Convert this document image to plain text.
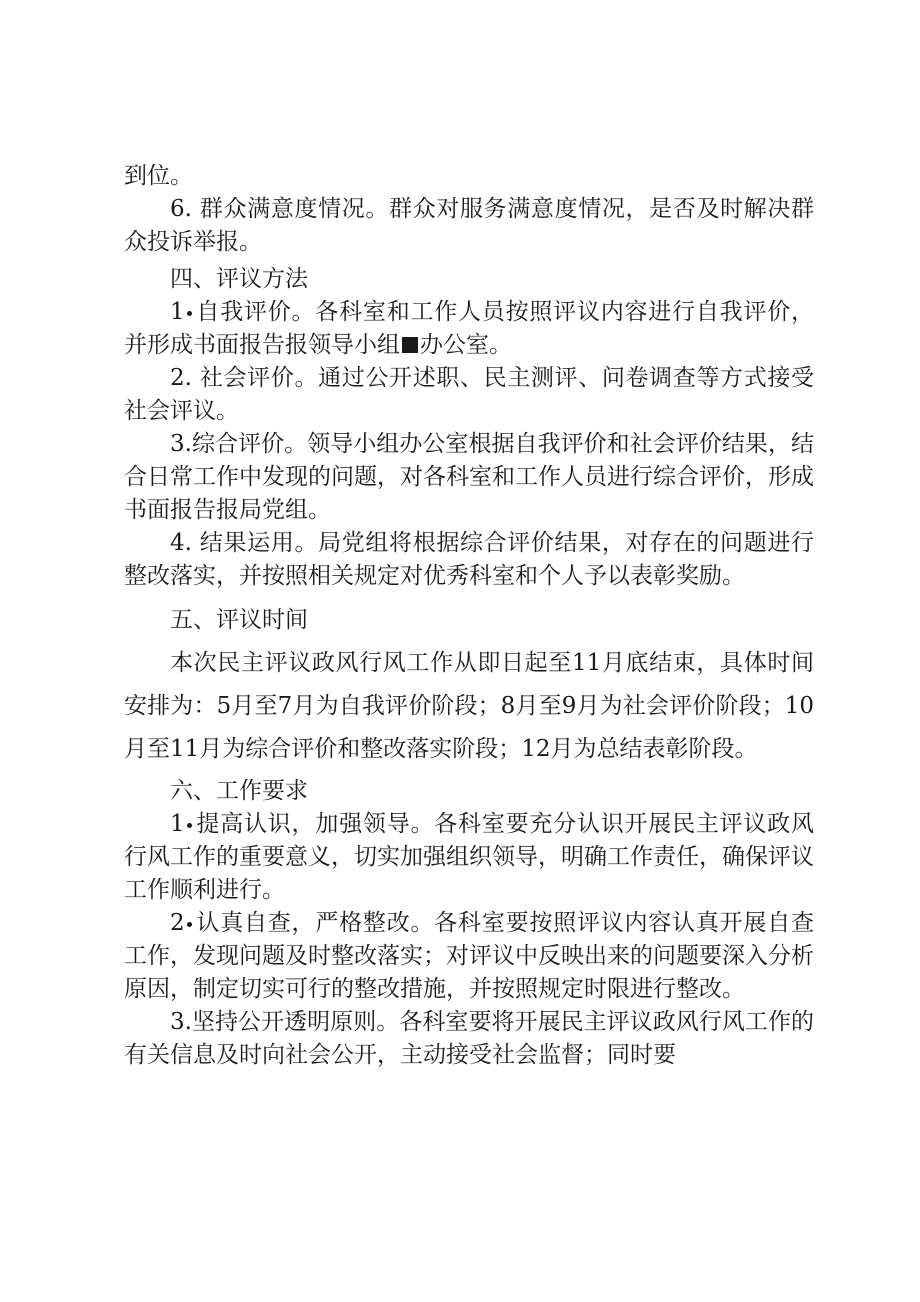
到位。

6. 群众满意度情况。群众对服务满意度情况，是否及时解决群众投诉举报。

四、评议方法

1 自我评价。各科室和工作人员按照评议内容进行自我评价，并形成书面报告报领导小组 办公室。

2. 社会评价。通过公开述职、民主测评、问卷调查等方式接受社会评议。

3.综合评价。领导小组办公室根据自我评价和社会评价结果，结合日常工作中发现的问题，对各科室和工作人员进行综合评价，形成书面报告报局党组。

4. 结果运用。局党组将根据综合评价结果，对存在的问题进行整改落实，并按照相关规定对优秀科室和个人予以表彰奖励。

五、评议时间

本次民主评议政风行风工作从即日起至11月底结束，具体时间安排为：5月至7月为自我评价阶段；8月至9月为社会评价阶段；10月至11月为综合评价和整改落实阶段；12月为总结表彰阶段。

六、工作要求

1 提高认识，加强领导。各科室要充分认识开展民主评议政风行风工作的重要意义，切实加强组织领导，明确工作责任，确保评议工作顺利进行。

2 认真自查，严格整改。各科室要按照评议内容认真开展自查工作，发现问题及时整改落实；对评议中反映出来的问题要深入分析原因，制定切实可行的整改措施，并按照规定时限进行整改。

3.坚持公开透明原则。各科室要将开展民主评议政风行风工作的有关信息及时向社会公开，主动接受社会监督；同时要
